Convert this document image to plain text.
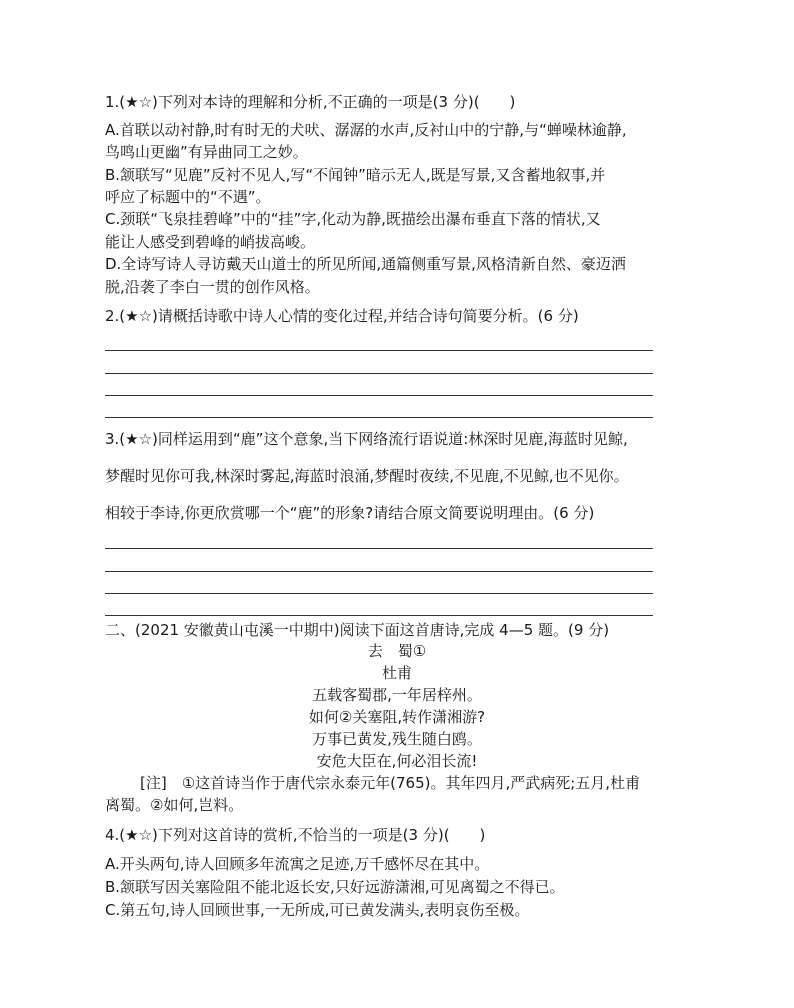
1.(★☆)下列对本诗的理解和分析,不正确的一项是(3 分)(　　)
A.首联以动衬静,时有时无的犬吠、潺潺的水声,反衬山中的宁静,与“蝉噪林逾静,
鸟鸣山更幽”有异曲同工之妙。
B.颔联写“见鹿”反衬不见人,写“不闻钟”暗示无人,既是写景,又含蓄地叙事,并
呼应了标题中的“不遇”。
C.颈联“飞泉挂碧峰”中的“挂”字,化动为静,既描绘出瀑布垂直下落的情状,又
能让人感受到碧峰的峭拔高峻。
D.全诗写诗人寻访戴天山道士的所见所闻,通篇侧重写景,风格清新自然、豪迈洒
脱,沿袭了李白一贯的创作风格。
2.(★☆)请概括诗歌中诗人心情的变化过程,并结合诗句简要分析。(6 分)
3.(★☆)同样运用到“鹿”这个意象,当下网络流行语说道:林深时见鹿,海蓝时见鲸,
梦醒时见你可我,林深时雾起,海蓝时浪涌,梦醒时夜续,不见鹿,不见鲸,也不见你。
相较于李诗,你更欣赏哪一个“鹿”的形象?请结合原文简要说明理由。(6 分)
二、(2021 安徽黄山屯溪一中期中)阅读下面这首唐诗,完成 4—5 题。(9 分)
去　蜀①
杜甫
五载客蜀郡,一年居梓州。
如何②关塞阻,转作潇湘游?
万事已黄发,残生随白鸥。
安危大臣在,何必泪长流!
[注]　①这首诗当作于唐代宗永泰元年(765)。其年四月,严武病死;五月,杜甫
离蜀。②如何,岂料。
4.(★☆)下列对这首诗的赏析,不恰当的一项是(3 分)(　　)
A.开头两句,诗人回顾多年流寓之足迹,万千感怀尽在其中。
B.颔联写因关塞险阻不能北返长安,只好远游潇湘,可见离蜀之不得已。
C.第五句,诗人回顾世事,一无所成,可已黄发满头,表明哀伤至极。
